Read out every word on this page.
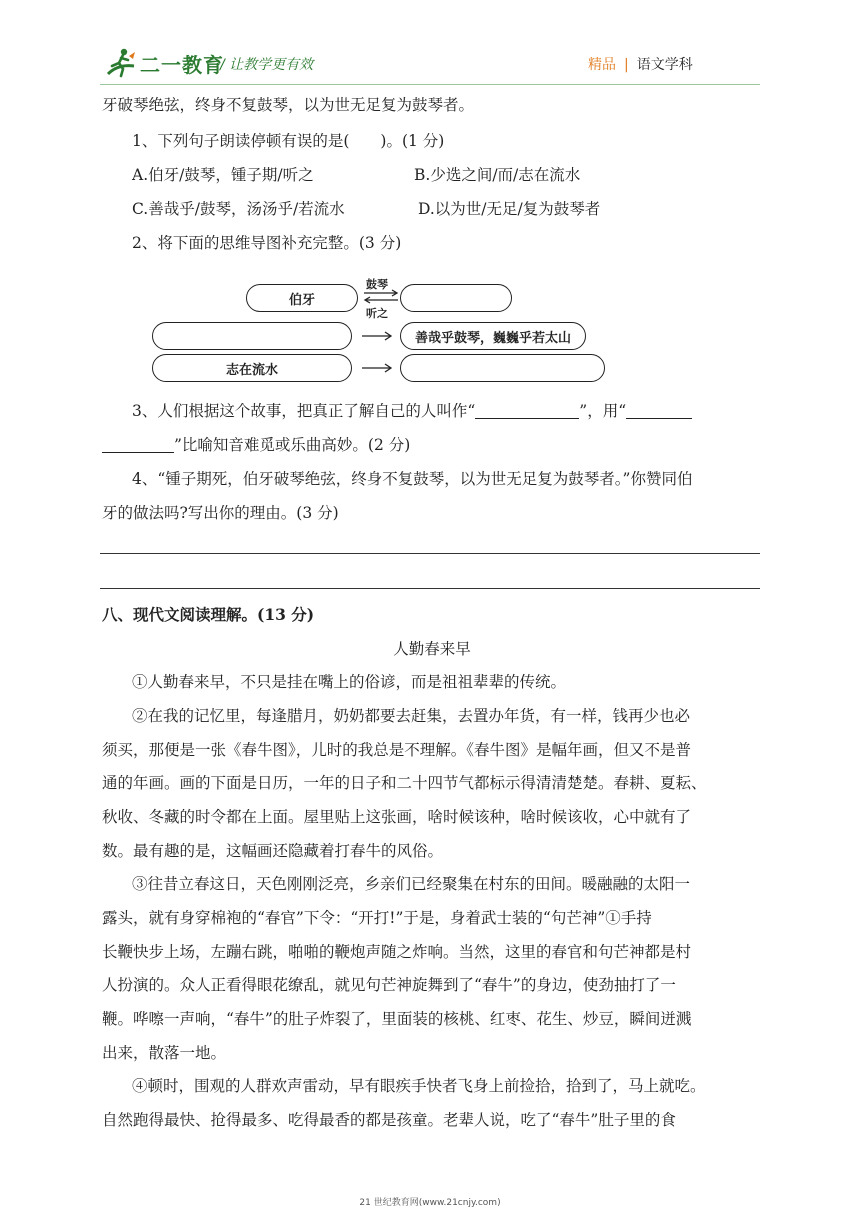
二一教育
/ 让教学更有效	精品 | 语文学科
牙破琴绝弦，终身不复鼓琴，以为世无足复为鼓琴者。
1、下列句子朗读停顿有误的是(　　)。(1 分)
A.伯牙/鼓琴，锺子期/听之	B.少选之间/而/志在流水
C.善哉乎/鼓琴，汤汤乎/若流水	D.以为世/无足/复为鼓琴者
2、将下面的思维导图补充完整。(3 分)
伯牙
鼓琴
听之
善哉乎鼓琴，巍巍乎若太山
志在流水
3、人们根据这个故事，把真正了解自己的人叫作“	”，用“
”比喻知音难觅或乐曲高妙。(2 分)
4、“锺子期死，伯牙破琴绝弦，终身不复鼓琴，以为世无足复为鼓琴者。”你赞同伯
牙的做法吗?写出你的理由。(3 分)
八、现代文阅读理解。(13 分)
人勤春来早
①人勤春来早，不只是挂在嘴上的俗谚，而是祖祖辈辈的传统。
②在我的记忆里，每逢腊月，奶奶都要去赶集，去置办年货，有一样，钱再少也必
须买，那便是一张《春牛图》，儿时的我总是不理解。《春牛图》是幅年画，但又不是普
通的年画。画的下面是日历，一年的日子和二十四节气都标示得清清楚楚。春耕、夏耘、
秋收、冬藏的时令都在上面。屋里贴上这张画，啥时候该种，啥时候该收，心中就有了
数。最有趣的是，这幅画还隐藏着打春牛的风俗。
③往昔立春这日，天色刚刚泛亮，乡亲们已经聚集在村东的田间。暖融融的太阳一
露头，就有身穿棉袍的“春官”下令：“开打!”于是，身着武士装的“句芒神”①手持
长鞭快步上场，左蹦右跳，啪啪的鞭炮声随之炸响。当然，这里的春官和句芒神都是村
人扮演的。众人正看得眼花缭乱，就见句芒神旋舞到了“春牛”的身边，使劲抽打了一
鞭。哗嚓一声响，“春牛”的肚子炸裂了，里面装的核桃、红枣、花生、炒豆，瞬间迸溅
出来，散落一地。
④顿时，围观的人群欢声雷动，早有眼疾手快者飞身上前捡拾，拾到了，马上就吃。
自然跑得最快、抢得最多、吃得最香的都是孩童。老辈人说，吃了“春牛”肚子里的食
21 世纪教育网(www.21cnjy.com)
